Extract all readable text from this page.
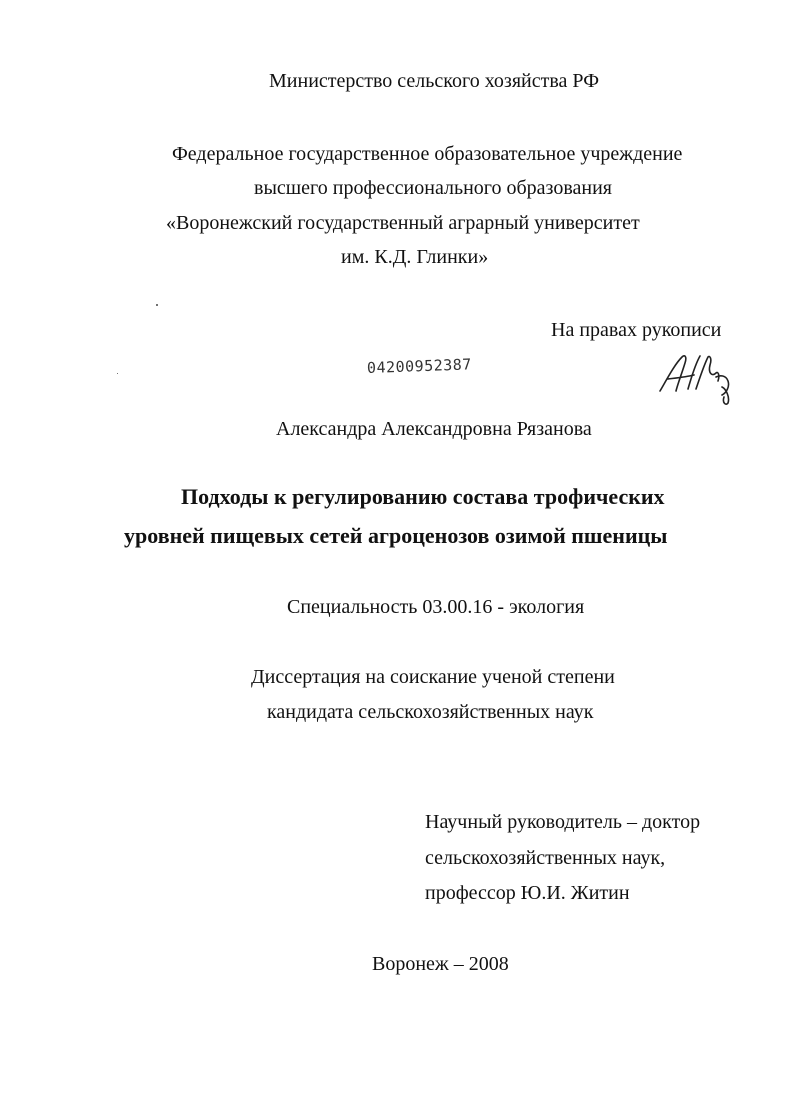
Министерство сельского хозяйства РФ
Федеральное государственное образовательное учреждение
высшего профессионального образования
«Воронежский государственный аграрный университет
им. К.Д. Глинки»
На правах рукописи
04200952387
Александра Александровна Рязанова
Подходы к регулированию состава трофических
уровней пищевых сетей агроценозов озимой пшеницы
Специальность 03.00.16 - экология
Диссертация на соискание ученой степени
кандидата сельскохозяйственных наук
Научный руководитель – доктор
сельскохозяйственных наук,
профессор Ю.И. Житин
Воронеж – 2008
